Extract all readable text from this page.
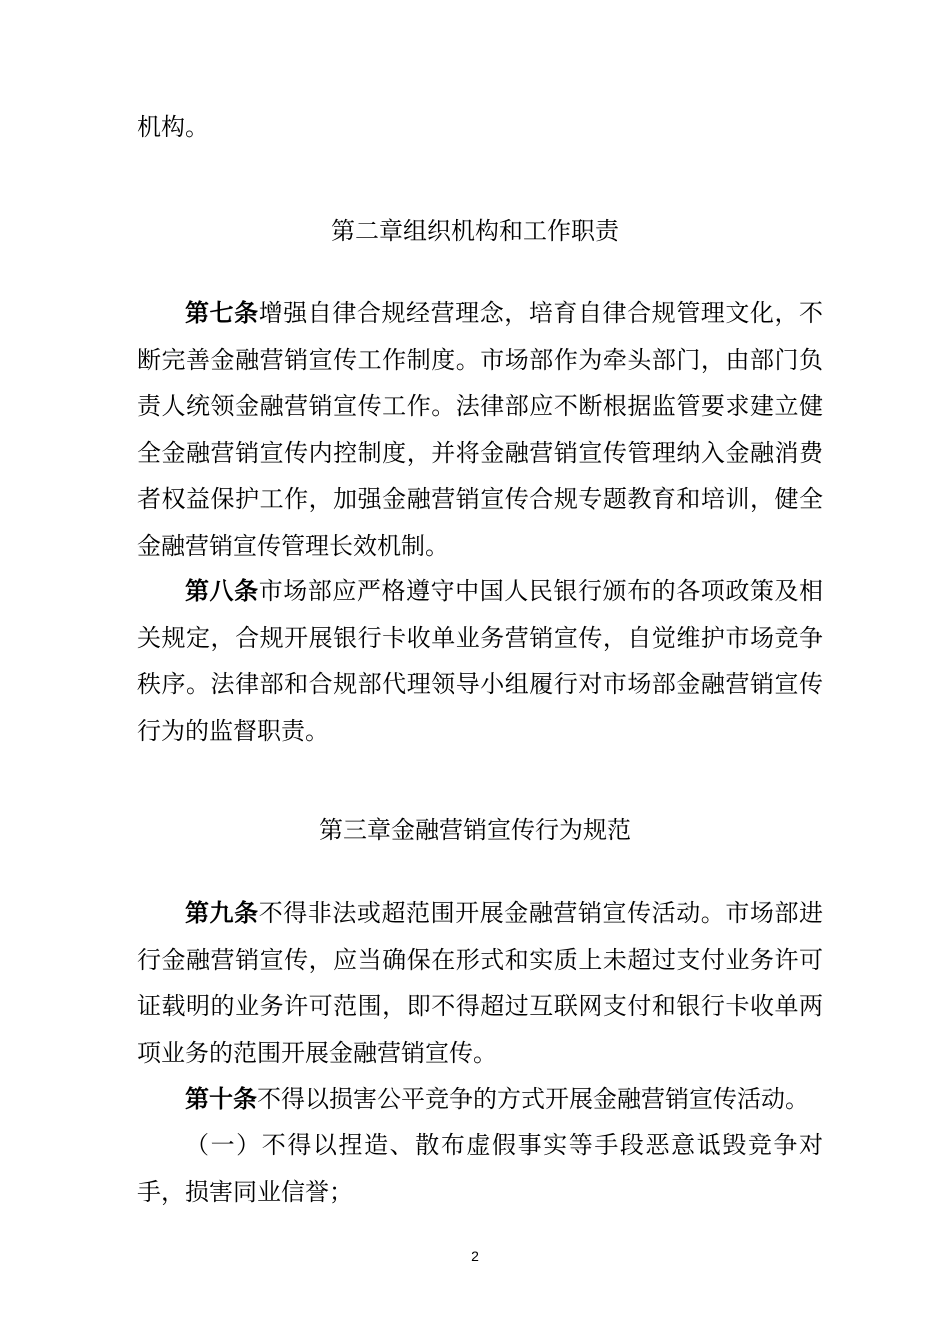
机构。

第二章组织机构和工作职责

第七条增强自律合规经营理念，培育自律合规管理文化，不断完善金融营销宣传工作制度。市场部作为牵头部门，由部门负责人统领金融营销宣传工作。法律部应不断根据监管要求建立健全金融营销宣传内控制度，并将金融营销宣传管理纳入金融消费者权益保护工作，加强金融营销宣传合规专题教育和培训，健全金融营销宣传管理长效机制。

第八条市场部应严格遵守中国人民银行颁布的各项政策及相关规定，合规开展银行卡收单业务营销宣传，自觉维护市场竞争秩序。法律部和合规部代理领导小组履行对市场部金融营销宣传行为的监督职责。

第三章金融营销宣传行为规范

第九条不得非法或超范围开展金融营销宣传活动。市场部进行金融营销宣传，应当确保在形式和实质上未超过支付业务许可证载明的业务许可范围，即不得超过互联网支付和银行卡收单两项业务的范围开展金融营销宣传。

第十条不得以损害公平竞争的方式开展金融营销宣传活动。

（一）不得以捏造、散布虚假事实等手段恶意诋毁竞争对手，损害同业信誉；

2
